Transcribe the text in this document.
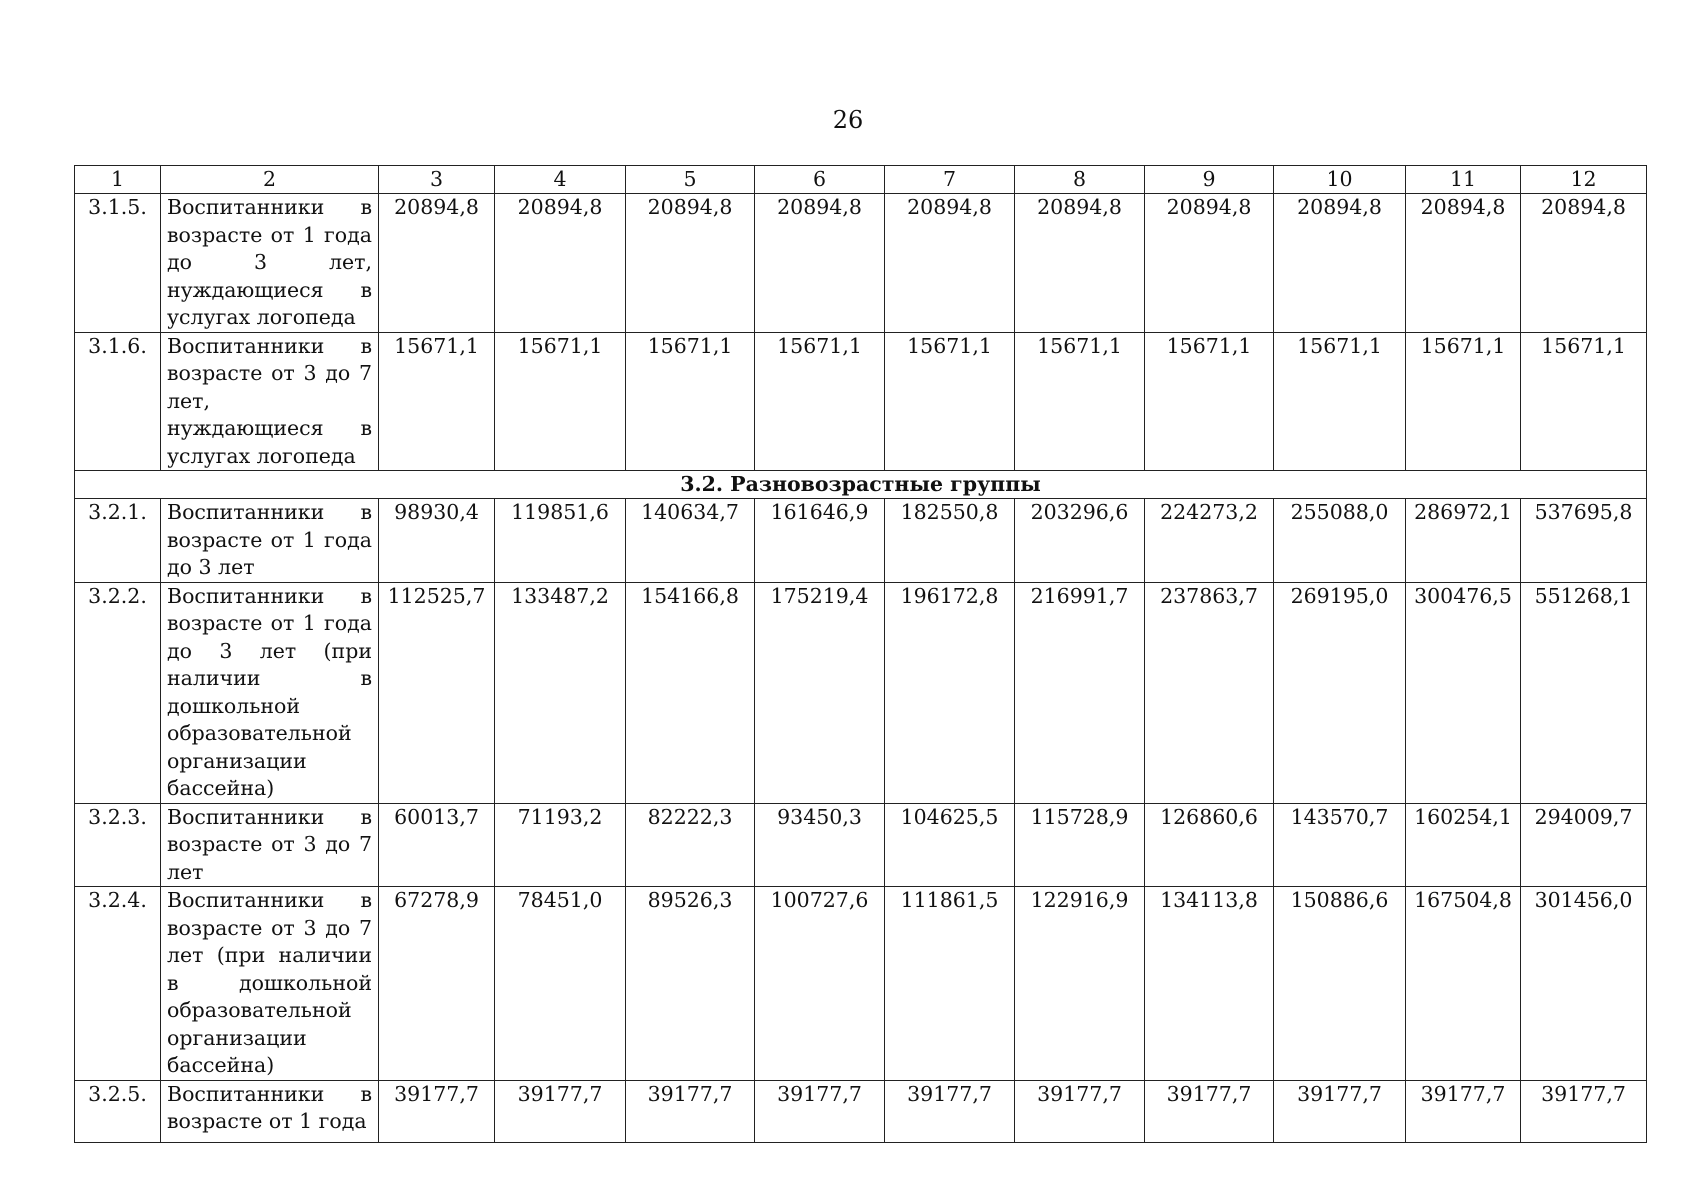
26
1	2	3	4	5	6	7	8	9	10	11	12
3.1.5.	Воспитанники в возрасте от 1 года до 3 лет, нуждающиеся в услугах логопеда	20894,8	20894,8	20894,8	20894,8	20894,8	20894,8	20894,8	20894,8	20894,8	20894,8
3.1.6.	Воспитанники в возрасте от 3 до 7 лет, нуждающиеся в услугах логопеда	15671,1	15671,1	15671,1	15671,1	15671,1	15671,1	15671,1	15671,1	15671,1	15671,1
3.2. Разновозрастные группы											
3.2.1.	Воспитанники в возрасте от 1 года до 3 лет	98930,4	119851,6	140634,7	161646,9	182550,8	203296,6	224273,2	255088,0	286972,1	537695,8
3.2.2.	Воспитанники в возрасте от 1 года до 3 лет (при наличии в дошкольной образовательной организации бассейна)	112525,7	133487,2	154166,8	175219,4	196172,8	216991,7	237863,7	269195,0	300476,5	551268,1
3.2.3.	Воспитанники в возрасте от 3 до 7 лет	60013,7	71193,2	82222,3	93450,3	104625,5	115728,9	126860,6	143570,7	160254,1	294009,7
3.2.4.	Воспитанники в возрасте от 3 до 7 лет (при наличии в дошкольной образовательной организации бассейна)	67278,9	78451,0	89526,3	100727,6	111861,5	122916,9	134113,8	150886,6	167504,8	301456,0
3.2.5.	Воспитанники в возрасте от 1 года	39177,7	39177,7	39177,7	39177,7	39177,7	39177,7	39177,7	39177,7	39177,7	39177,7
